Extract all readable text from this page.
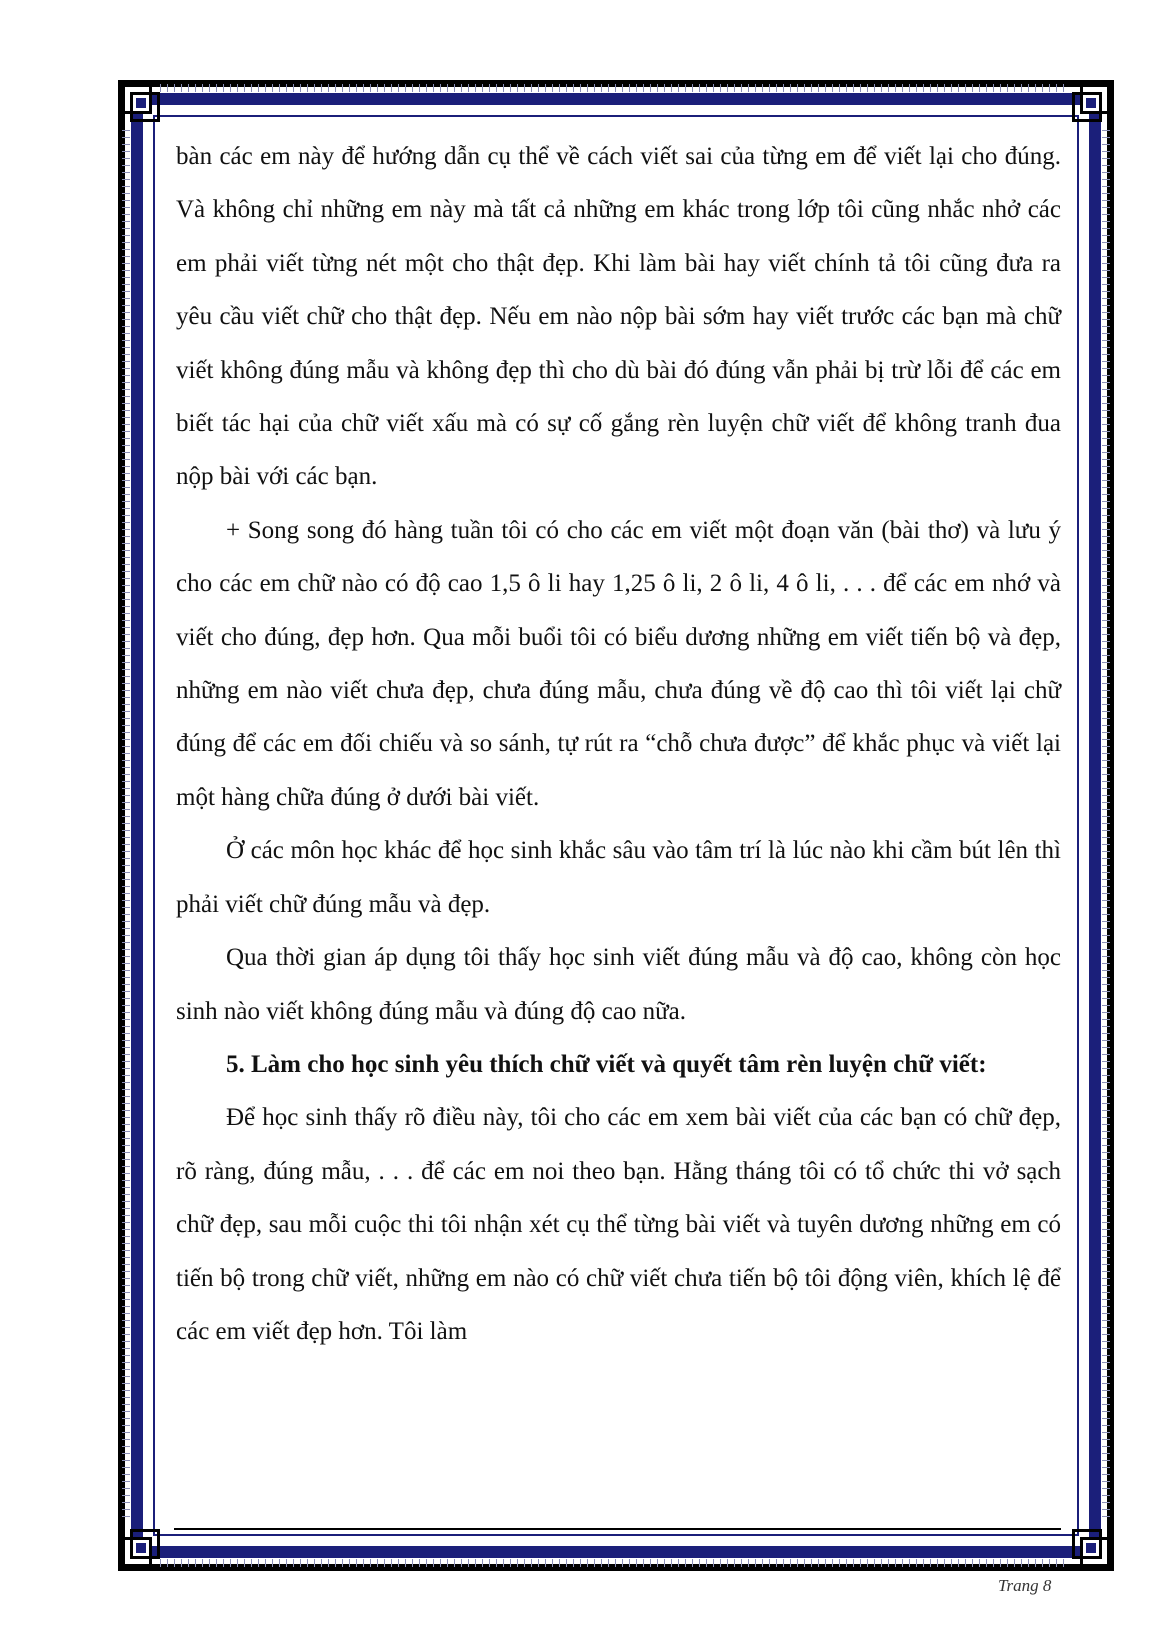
bàn các em này để hướng dẫn cụ thể về cách viết sai của từng em để viết lại cho đúng. Và không chỉ những em này mà tất cả những em khác trong lớp tôi cũng nhắc nhở các em phải viết từng nét một cho thật đẹp. Khi làm bài hay viết chính tả tôi cũng đưa ra yêu cầu viết chữ cho thật đẹp. Nếu em nào nộp bài sớm hay viết trước các bạn mà chữ viết không đúng mẫu và không đẹp thì cho dù bài đó đúng vẫn phải bị trừ lỗi để các em biết tác hại của chữ viết xấu mà có sự cố gắng rèn luyện chữ viết để không tranh đua nộp bài với các bạn.

+ Song song đó hàng tuần tôi có cho các em viết một đoạn văn (bài thơ) và lưu ý cho các em chữ nào có độ cao 1,5 ô li hay 1,25 ô li, 2 ô li, 4 ô li, . . . để các em nhớ và viết cho đúng, đẹp hơn. Qua mỗi buổi tôi có biểu dương những em viết tiến bộ và đẹp, những em nào viết chưa đẹp, chưa đúng mẫu, chưa đúng về độ cao thì tôi viết lại chữ đúng để các em đối chiếu và so sánh, tự rút ra “chỗ chưa được” để khắc phục và viết lại một hàng chữa đúng ở dưới bài viết.

Ở các môn học khác để học sinh khắc sâu vào tâm trí là lúc nào khi cầm bút lên thì phải viết chữ đúng mẫu và đẹp.

Qua thời gian áp dụng tôi thấy học sinh viết đúng mẫu và độ cao, không còn học sinh nào viết không đúng mẫu và đúng độ cao nữa.

5. Làm cho học sinh yêu thích chữ viết và quyết tâm rèn luyện chữ viết:

Để học sinh thấy rõ điều này, tôi cho các em xem bài viết của các bạn có chữ đẹp, rõ ràng, đúng mẫu, . . . để các em noi theo bạn. Hằng tháng tôi có tổ chức thi vở sạch chữ đẹp, sau mỗi cuộc thi tôi nhận xét cụ thể từng bài viết và tuyên dương những em có tiến bộ trong chữ viết, những em nào có chữ viết chưa tiến bộ tôi động viên, khích lệ để các em viết đẹp hơn. Tôi làm

Trang 8
